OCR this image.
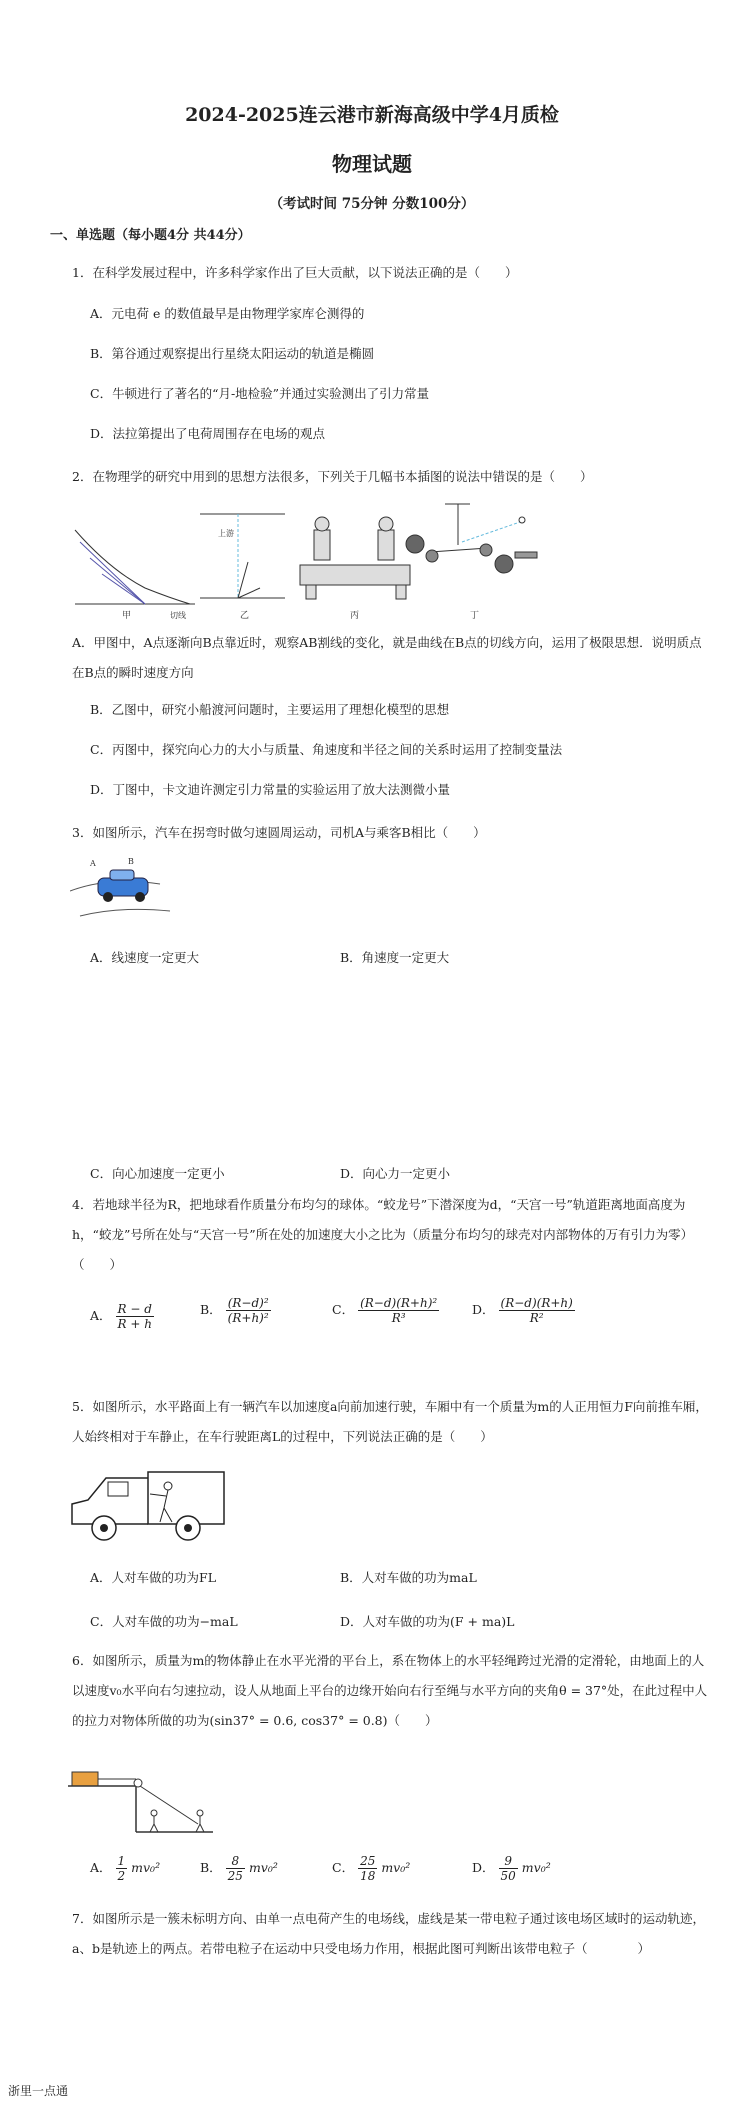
2024-2025连云港市新海高级中学4月质检
物理试题
（考试时间 75分钟 分数100分）
一、单选题（每小题4分 共44分）
1．在科学发展过程中，许多科学家作出了巨大贡献，以下说法正确的是（　　）
A．元电荷 e 的数值最早是由物理学家库仑测得的
B．第谷通过观察提出行星绕太阳运动的轨道是椭圆
C．牛顿进行了著名的“月-地检验”并通过实验测出了引力常量
D．法拉第提出了电荷周围存在电场的观点
2．在物理学的研究中用到的思想方法很多，下列关于几幅书本插图的说法中错误的是（　　）
甲	切线
上游
乙	丙	丁
A．甲图中，A点逐渐向B点靠近时，观察AB割线的变化，就是曲线在B点的切线方向，运用了极限思想．说明质点在B点的瞬时速度方向
B．乙图中，研究小船渡河问题时，主要运用了理想化模型的思想
C．丙图中，探究向心力的大小与质量、角速度和半径之间的关系时运用了控制变量法
D．丁图中，卡文迪许测定引力常量的实验运用了放大法测微小量
3．如图所示，汽车在拐弯时做匀速圆周运动，司机A与乘客B相比（　　）
A	B
A．线速度一定更大	B．角速度一定更大
C．向心加速度一定更小	D．向心力一定更小
4．若地球半径为R，把地球看作质量分布均匀的球体。“蛟龙号”下潜深度为d，“天宫一号”轨道距离地面高度为h，“蛟龙”号所在处与“天宫一号”所在处的加速度大小之比为（质量分布均匀的球壳对内部物体的万有引力为零）（　　）
A． $\frac{R - d}{R + h}$	B． $\frac{\text{(R−d)²}}{\text{(R+h)²}}$	C． $\frac{\text{(R−d)(R+h)²}}{\text{R³}}$	D． $\frac{(R-d)(R+h)}{\text{R²}}$
5．如图所示，水平路面上有一辆汽车以加速度a向前加速行驶，车厢中有一个质量为m的人正用恒力F向前推车厢，人始终相对于车静止，在车行驶距离L的过程中，下列说法正确的是（　　）
A．人对车做的功为FL	B．人对车做的功为maL
C．人对车做的功为−maL	D．人对车做的功为(F + ma)L
6．如图所示，质量为m的物体静止在水平光滑的平台上，系在物体上的水平轻绳跨过光滑的定滑轮，由地面上的人以速度v₀水平向右匀速拉动，设人从地面上平台的边缘开始向右行至绳与水平方向的夹角θ = 37°处，在此过程中人的拉力对物体所做的功为(sin37° = 0.6, cos37° = 0.8)（　　）
A． $\frac{1}{2} mv_0^2$	B． $\frac{8}{25} mv_0^2$	C． $\frac{25}{18} mv_0^2$	D． $\frac{9}{50} mv_0^2$
7．如图所示是一簇未标明方向、由单一点电荷产生的电场线，虚线是某一带电粒子通过该电场区域时的运动轨迹，a、b是轨迹上的两点。若带电粒子在运动中只受电场力作用，根据此图可判断出该带电粒子（　　　　）
浙里一点通
